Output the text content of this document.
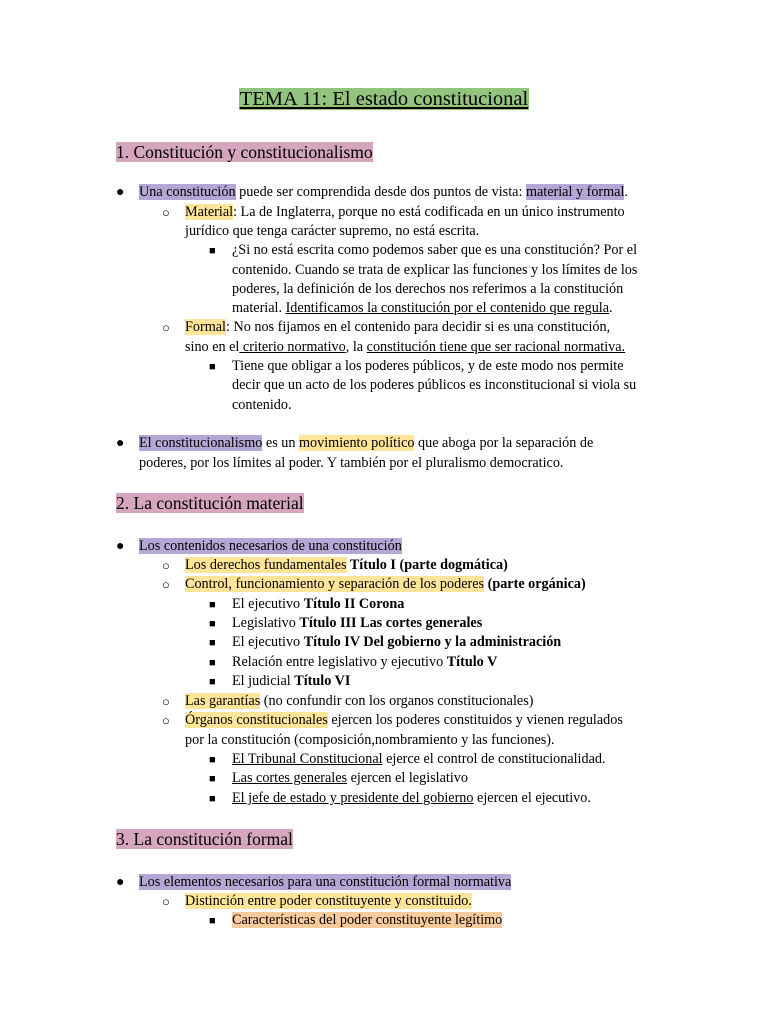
TEMA 11: El estado constitucional
1. Constitución y constitucionalismo
● Una constitución puede ser comprendida desde dos puntos de vista: material y formal.
○ Material: La de Inglaterra, porque no está codificada en un único instrumento
jurídico que tenga carácter supremo, no está escrita.
■ ¿Si no está escrita como podemos saber que es una constitución? Por el
contenido. Cuando se trata de explicar las funciones y los límites de los
poderes, la definición de los derechos nos referimos a la constitución
material. Identificamos la constitución por el contenido que regula.
○ Formal: No nos fijamos en el contenido para decidir si es una constitución,
sino en el criterio normativo, la constitución tiene que ser racional normativa.
■ Tiene que obligar a los poderes públicos, y de este modo nos permite
decir que un acto de los poderes públicos es inconstitucional si viola su
contenido.
● El constitucionalismo es un movimiento político que aboga por la separación de
poderes, por los límites al poder. Y también por el pluralismo democratico.
2. La constitución material
● Los contenidos necesarios de una constitución
○ Los derechos fundamentales Título I (parte dogmática)
○ Control, funcionamiento y separación de los poderes (parte orgánica)
■ El ejecutivo Título II Corona
■ Legislativo Título III Las cortes generales
■ El ejecutivo Título IV Del gobierno y la administración
■ Relación entre legislativo y ejecutivo Título V
■ El judicial Título VI
○ Las garantías (no confundir con los organos constitucionales)
○ Órganos constitucionales ejercen los poderes constituidos y vienen regulados
por la constitución (composición,nombramiento y las funciones).
■ El Tribunal Constitucional ejerce el control de constitucionalidad.
■ Las cortes generales ejercen el legislativo
■ El jefe de estado y presidente del gobierno ejercen el ejecutivo.
3. La constitución formal
● Los elementos necesarios para una constitución formal normativa
○ Distinción entre poder constituyente y constituido.
■ Características del poder constituyente legítimo
